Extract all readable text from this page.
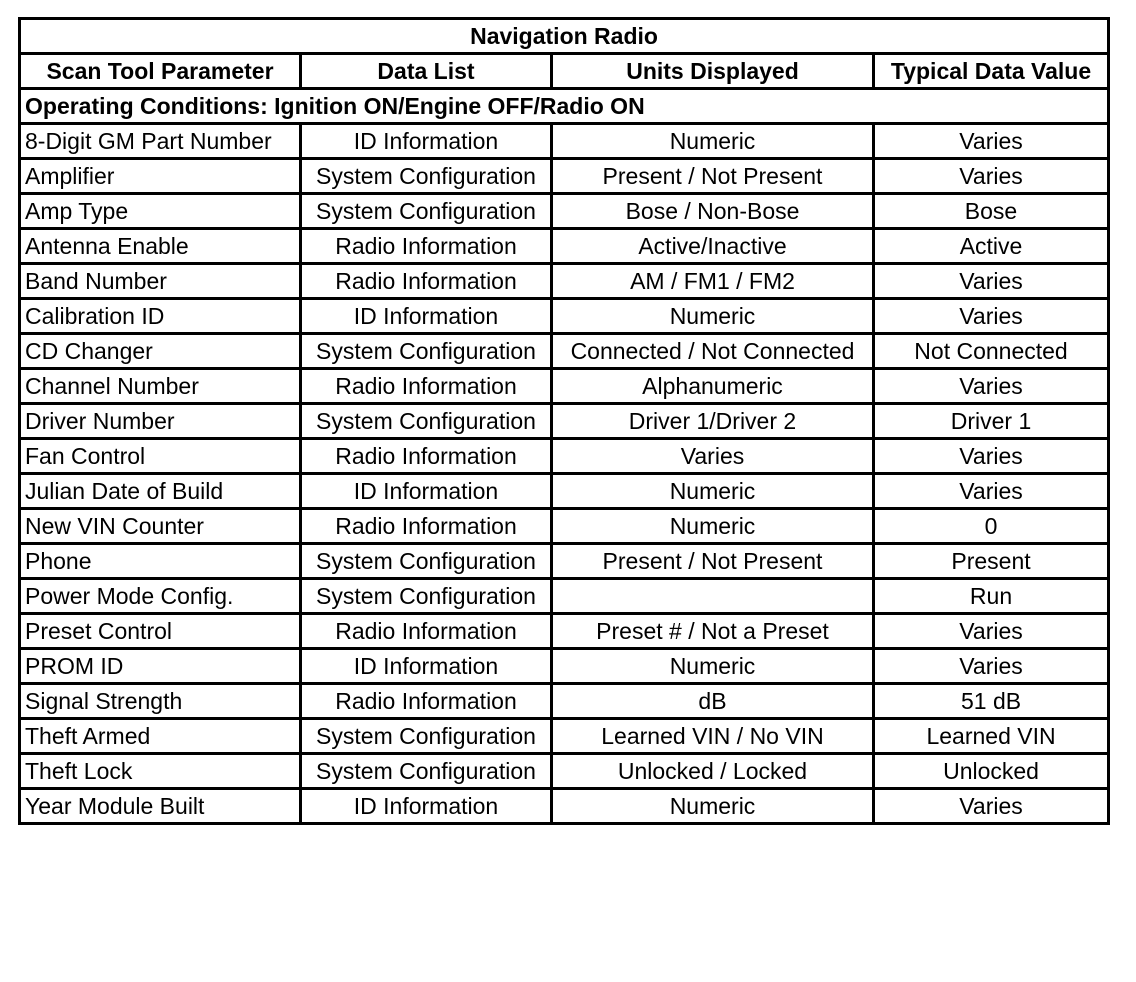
Navigation Radio			
Scan Tool Parameter	Data List	Units Displayed	Typical Data Value
Operating Conditions: Ignition ON/Engine OFF/Radio ON			
8-Digit GM Part Number	ID Information	Numeric	Varies
Amplifier	System Configuration	Present / Not Present	Varies
Amp Type	System Configuration	Bose / Non-Bose	Bose
Antenna Enable	Radio Information	Active/Inactive	Active
Band Number	Radio Information	AM / FM1 / FM2	Varies
Calibration ID	ID Information	Numeric	Varies
CD Changer	System Configuration	Connected / Not Connected	Not Connected
Channel Number	Radio Information	Alphanumeric	Varies
Driver Number	System Configuration	Driver 1/Driver 2	Driver 1
Fan Control	Radio Information	Varies	Varies
Julian Date of Build	ID Information	Numeric	Varies
New VIN Counter	Radio Information	Numeric	0
Phone	System Configuration	Present / Not Present	Present
Power Mode Config.	System Configuration		Run
Preset Control	Radio Information	Preset # / Not a Preset	Varies
PROM ID	ID Information	Numeric	Varies
Signal Strength	Radio Information	dB	51 dB
Theft Armed	System Configuration	Learned VIN / No VIN	Learned VIN
Theft Lock	System Configuration	Unlocked / Locked	Unlocked
Year Module Built	ID Information	Numeric	Varies
